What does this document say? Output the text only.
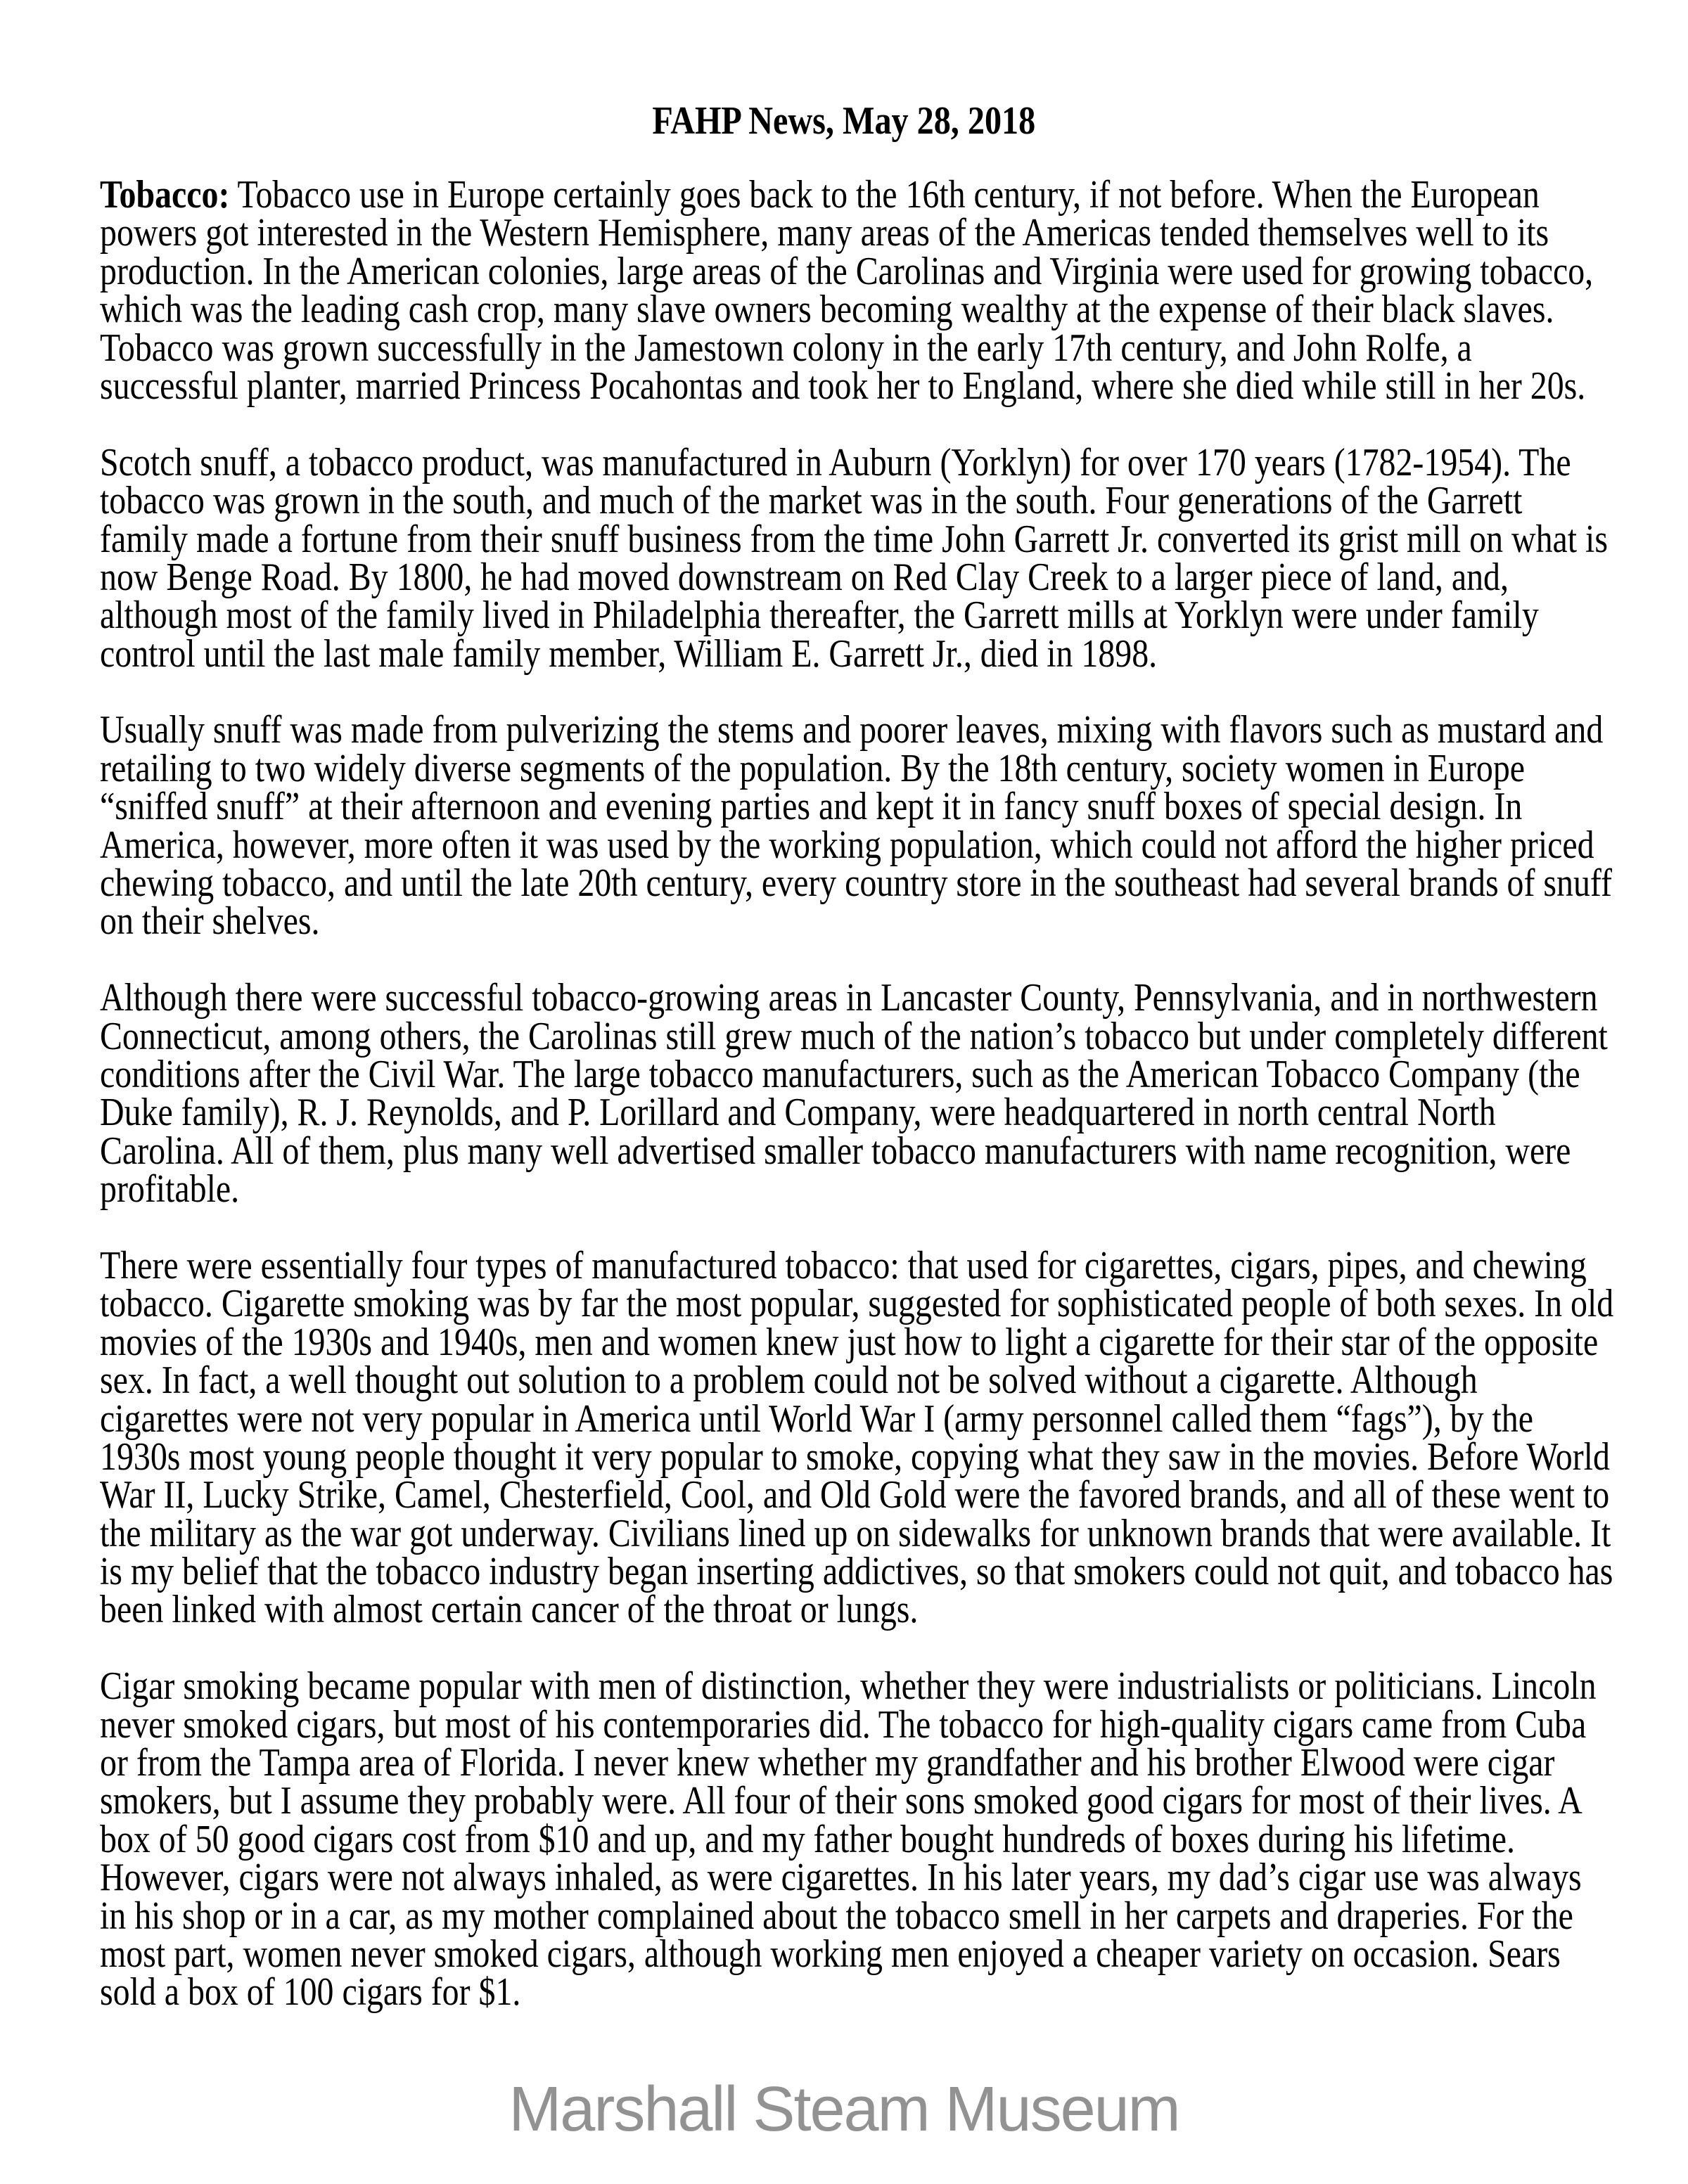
FAHP News, May 28, 2018
Tobacco: Tobacco use in Europe certainly goes back to the 16th century, if not before. When the European
powers got interested in the Western Hemisphere, many areas of the Americas tended themselves well to its
production. In the American colonies, large areas of the Carolinas and Virginia were used for growing tobacco,
which was the leading cash crop, many slave owners becoming wealthy at the expense of their black slaves.
Tobacco was grown successfully in the Jamestown colony in the early 17th century, and John Rolfe, a
successful planter, married Princess Pocahontas and took her to England, where she died while still in her 20s.
Scotch snuff, a tobacco product, was manufactured in Auburn (Yorklyn) for over 170 years (1782-1954). The
tobacco was grown in the south, and much of the market was in the south. Four generations of the Garrett
family made a fortune from their snuff business from the time John Garrett Jr. converted its grist mill on what is
now Benge Road. By 1800, he had moved downstream on Red Clay Creek to a larger piece of land, and,
although most of the family lived in Philadelphia thereafter, the Garrett mills at Yorklyn were under family
control until the last male family member, William E. Garrett Jr., died in 1898.
Usually snuff was made from pulverizing the stems and poorer leaves, mixing with flavors such as mustard and
retailing to two widely diverse segments of the population. By the 18th century, society women in Europe
“sniffed snuff” at their afternoon and evening parties and kept it in fancy snuff boxes of special design. In
America, however, more often it was used by the working population, which could not afford the higher priced
chewing tobacco, and until the late 20th century, every country store in the southeast had several brands of snuff
on their shelves.
Although there were successful tobacco-growing areas in Lancaster County, Pennsylvania, and in northwestern
Connecticut, among others, the Carolinas still grew much of the nation’s tobacco but under completely different
conditions after the Civil War. The large tobacco manufacturers, such as the American Tobacco Company (the
Duke family), R. J. Reynolds, and P. Lorillard and Company, were headquartered in north central North
Carolina. All of them, plus many well advertised smaller tobacco manufacturers with name recognition, were
profitable.
There were essentially four types of manufactured tobacco: that used for cigarettes, cigars, pipes, and chewing
tobacco. Cigarette smoking was by far the most popular, suggested for sophisticated people of both sexes. In old
movies of the 1930s and 1940s, men and women knew just how to light a cigarette for their star of the opposite
sex. In fact, a well thought out solution to a problem could not be solved without a cigarette. Although
cigarettes were not very popular in America until World War I (army personnel called them “fags”), by the
1930s most young people thought it very popular to smoke, copying what they saw in the movies. Before World
War II, Lucky Strike, Camel, Chesterfield, Cool, and Old Gold were the favored brands, and all of these went to
the military as the war got underway. Civilians lined up on sidewalks for unknown brands that were available. It
is my belief that the tobacco industry began inserting addictives, so that smokers could not quit, and tobacco has
been linked with almost certain cancer of the throat or lungs.
Cigar smoking became popular with men of distinction, whether they were industrialists or politicians. Lincoln
never smoked cigars, but most of his contemporaries did. The tobacco for high-quality cigars came from Cuba
or from the Tampa area of Florida. I never knew whether my grandfather and his brother Elwood were cigar
smokers, but I assume they probably were. All four of their sons smoked good cigars for most of their lives. A
box of 50 good cigars cost from $10 and up, and my father bought hundreds of boxes during his lifetime.
However, cigars were not always inhaled, as were cigarettes. In his later years, my dad’s cigar use was always
in his shop or in a car, as my mother complained about the tobacco smell in her carpets and draperies. For the
most part, women never smoked cigars, although working men enjoyed a cheaper variety on occasion. Sears
sold a box of 100 cigars for $1.
Marshall Steam Museum
